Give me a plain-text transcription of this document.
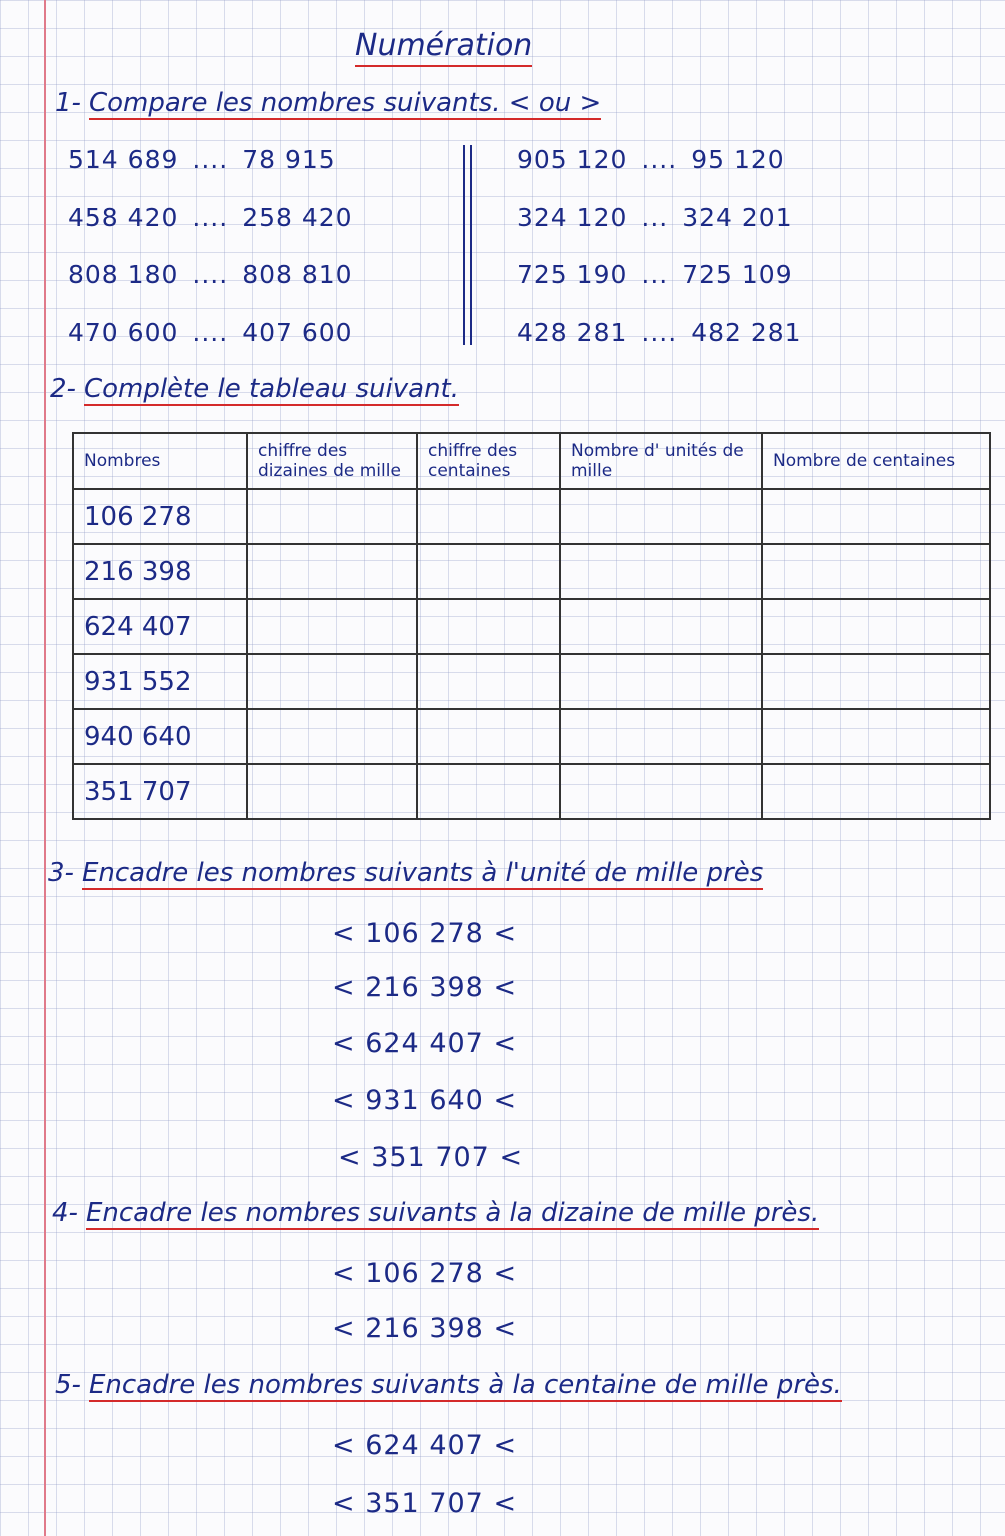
Numération
1- Compare les nombres suivants. < ou >
514 689 .... 78 915
458 420 .... 258 420
808 180 .... 808 810
470 600 .... 407 600
905 120 .... 95 120
324 120 ... 324 201
725 190 ... 725 109
428 281 .... 482 281
2- Complète le tableau suivant.
Nombres	chiffre des dizaines de mille	chiffre des centaines	Nombre d' unités de mille	Nombre de centaines
106 278				
216 398				
624 407				
931 552				
940 640				
351 707				
3- Encadre les nombres suivants à l'unité de mille près
4- Encadre les nombres suivants à la dizaine de mille près.
5- Encadre les nombres suivants à la centaine de mille près.
< 106 278 <
< 216 398 <
< 624 407 <
< 931 640 <
< 351 707 <
< 106 278 <
< 216 398 <
< 624 407 <
< 351 707 <
